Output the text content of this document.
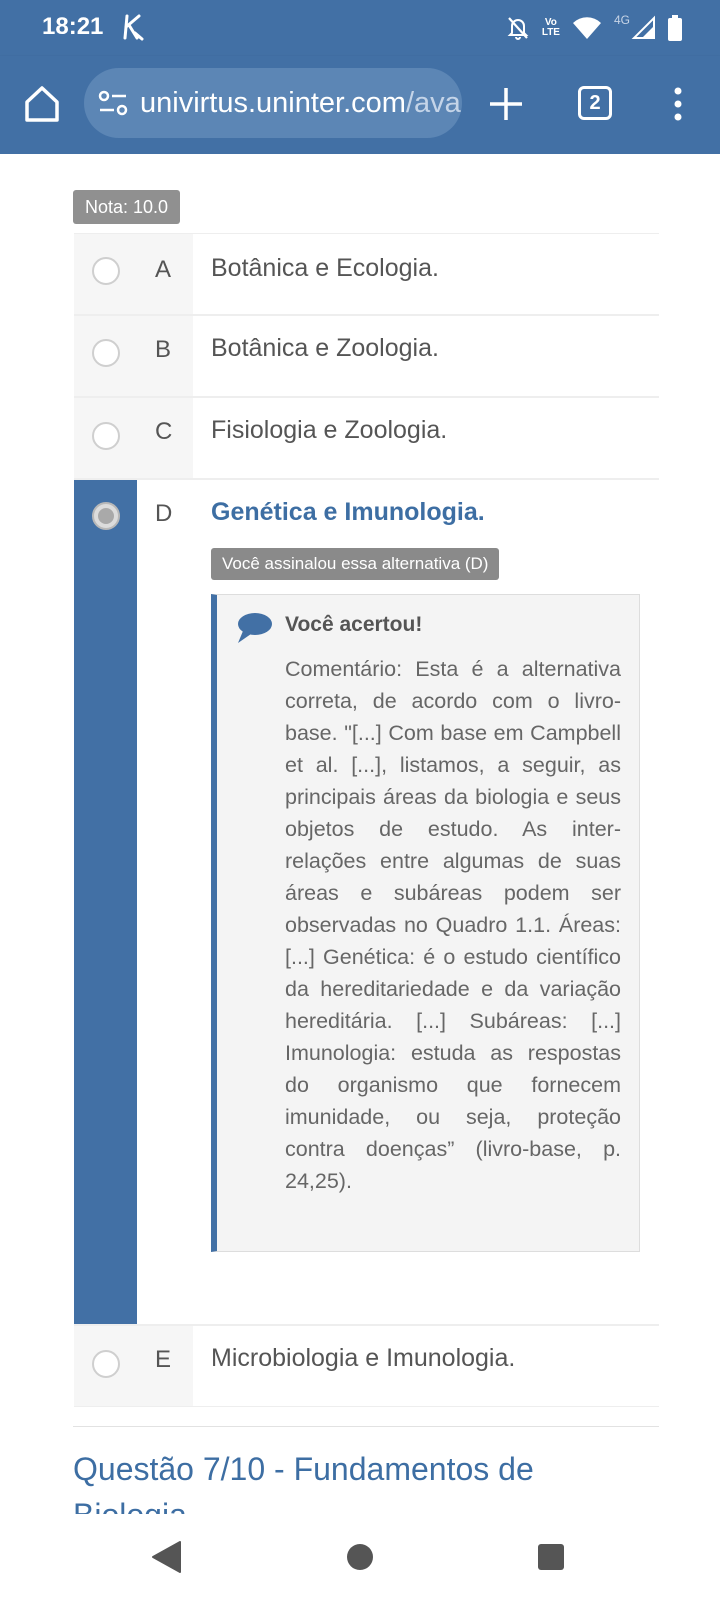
18:21	Vo
LTE
4G
univirtus.uninter.com/ava	2
Nota: 10.0
A Botânica e Ecologia.
B Botânica e Zoologia.
C Fisiologia e Zoologia.
D Genética e Imunologia.
Você assinalou essa alternativa (D)
Você acertou!
Comentário: Esta é a alternativa correta, de acordo com o livro-base. "[...] Com base em Campbell et al. [...], listamos, a seguir, as principais áreas da biologia e seus objetos de estudo. As inter-relações entre algumas de suas áreas e subáreas podem ser observadas no Quadro 1.1. Áreas: [...] Genética: é o estudo científico da hereditariedade e da variação hereditária. [...] Subáreas: [...] Imunologia: estuda as respostas do organismo que fornecem imunidade, ou seja, proteção contra doenças” (livro-base, p. 24,25).
E Microbiologia e Imunologia.
Questão 7/10 - Fundamentos de
